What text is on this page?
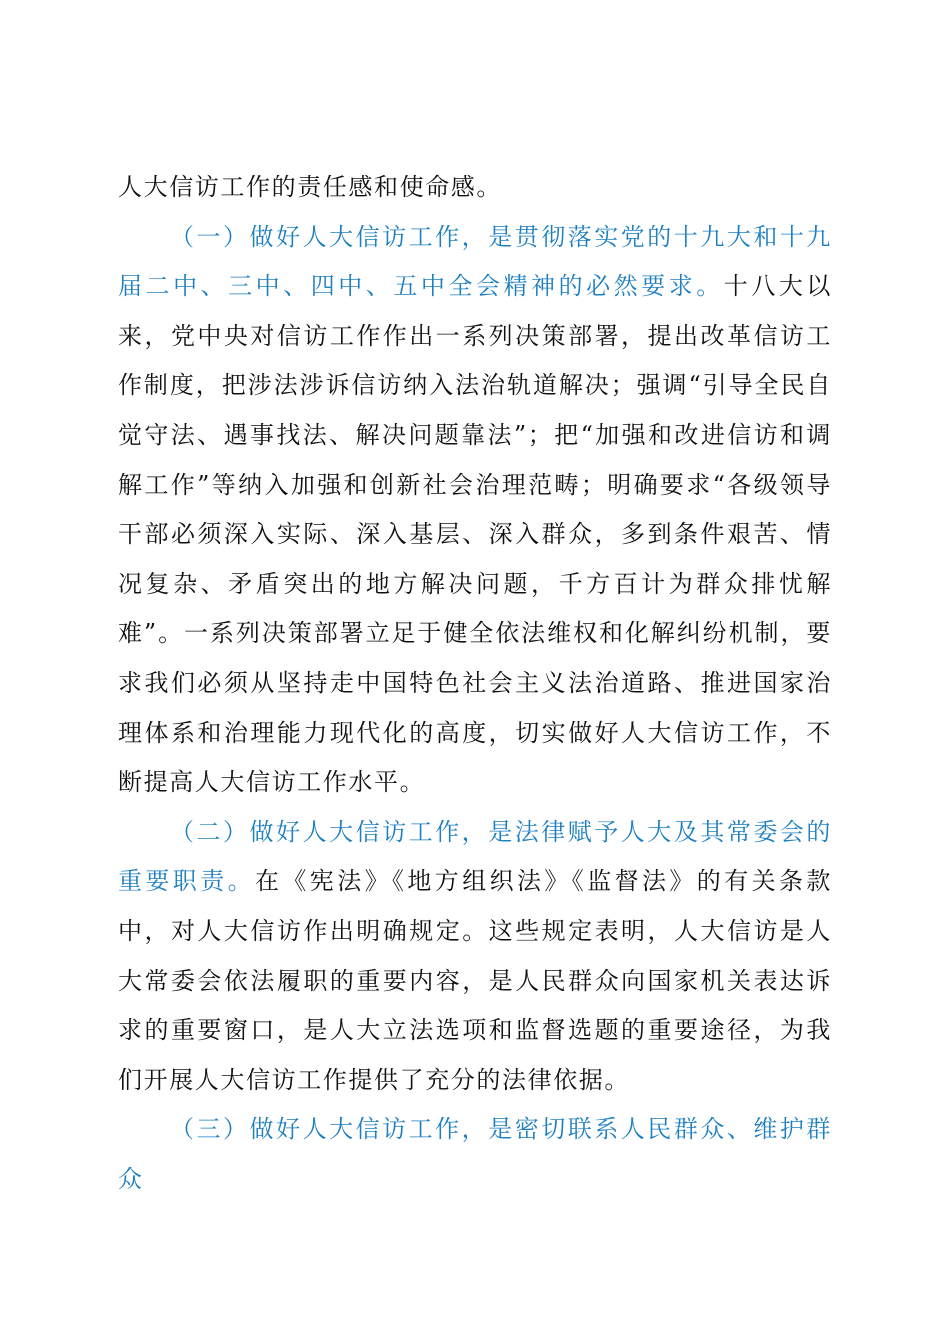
人大信访工作的责任感和使命感。

（一）做好人大信访工作，是贯彻落实党的十九大和十九届二中、三中、四中、五中全会精神的必然要求。十八大以来，党中央对信访工作作出一系列决策部署，提出改革信访工作制度，把涉法涉诉信访纳入法治轨道解决；强调“引导全民自觉守法、遇事找法、解决问题靠法”；把“加强和改进信访和调解工作”等纳入加强和创新社会治理范畴；明确要求“各级领导干部必须深入实际、深入基层、深入群众，多到条件艰苦、情况复杂、矛盾突出的地方解决问题，千方百计为群众排忧解难”。一系列决策部署立足于健全依法维权和化解纠纷机制，要求我们必须从坚持走中国特色社会主义法治道路、推进国家治理体系和治理能力现代化的高度，切实做好人大信访工作，不断提高人大信访工作水平。

（二）做好人大信访工作，是法律赋予人大及其常委会的重要职责。在《宪法》《地方组织法》《监督法》的有关条款中，对人大信访作出明确规定。这些规定表明，人大信访是人大常委会依法履职的重要内容，是人民群众向国家机关表达诉求的重要窗口，是人大立法选项和监督选题的重要途径，为我们开展人大信访工作提供了充分的法律依据。

（三）做好人大信访工作，是密切联系人民群众、维护群众
